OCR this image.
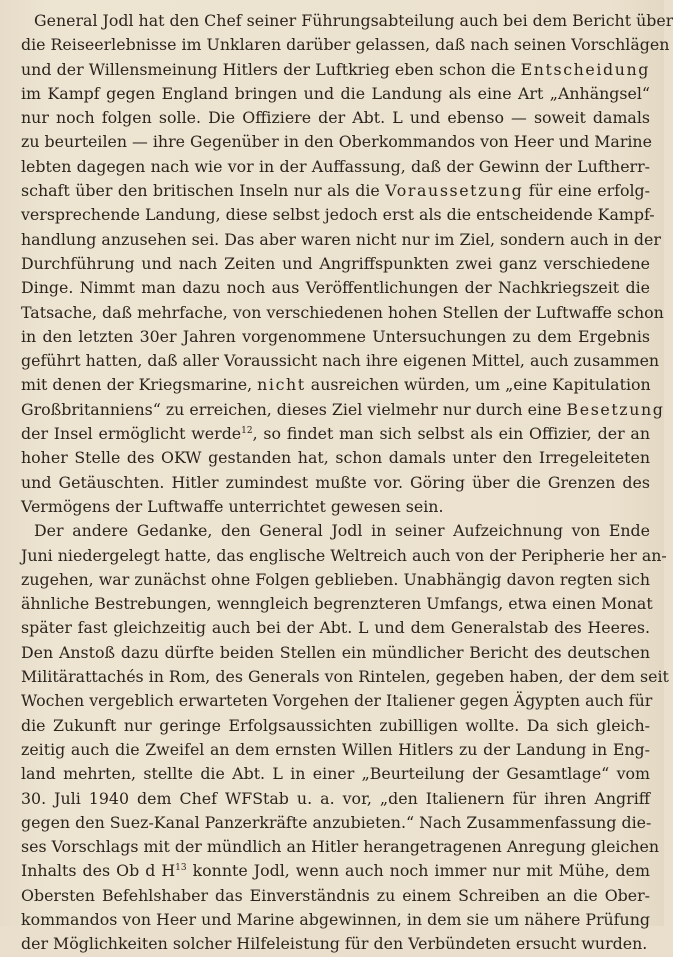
General Jodl hat den Chef seiner Führungsabteilung auch bei dem Bericht über
die Reiseerlebnisse im Unklaren darüber gelassen, daß nach seinen Vorschlägen
und der Willensmeinung Hitlers der Luftkrieg eben schon die Entscheidung
im Kampf gegen England bringen und die Landung als eine Art „Anhängsel“
nur noch folgen solle. Die Offiziere der Abt. L und ebenso — soweit damals
zu beurteilen — ihre Gegenüber in den Oberkommandos von Heer und Marine
lebten dagegen nach wie vor in der Auffassung, daß der Gewinn der Luftherr-
schaft über den britischen Inseln nur als die Voraussetzung für eine erfolg-
versprechende Landung, diese selbst jedoch erst als die entscheidende Kampf-
handlung anzusehen sei. Das aber waren nicht nur im Ziel, sondern auch in der
Durchführung und nach Zeiten und Angriffspunkten zwei ganz verschiedene
Dinge. Nimmt man dazu noch aus Veröffentlichungen der Nachkriegszeit die
Tatsache, daß mehrfache, von verschiedenen hohen Stellen der Luftwaffe schon
in den letzten 30er Jahren vorgenommene Untersuchungen zu dem Ergebnis
geführt hatten, daß aller Voraussicht nach ihre eigenen Mittel, auch zusammen
mit denen der Kriegsmarine, nicht ausreichen würden, um „eine Kapitulation
Großbritanniens“ zu erreichen, dieses Ziel vielmehr nur durch eine Besetzung
der Insel ermöglicht werde$^{12}$, so findet man sich selbst als ein Offizier, der an
hoher Stelle des OKW gestanden hat, schon damals unter den Irregeleiteten
und Getäuschten. Hitler zumindest mußte vor. Göring über die Grenzen des
Vermögens der Luftwaffe unterrichtet gewesen sein.
Der andere Gedanke, den General Jodl in seiner Aufzeichnung von Ende
Juni niedergelegt hatte, das englische Weltreich auch von der Peripherie her an-
zugehen, war zunächst ohne Folgen geblieben. Unabhängig davon regten sich
ähnliche Bestrebungen, wenngleich begrenzteren Umfangs, etwa einen Monat
später fast gleichzeitig auch bei der Abt. L und dem Generalstab des Heeres.
Den Anstoß dazu dürfte beiden Stellen ein mündlicher Bericht des deutschen
Militärattachés in Rom, des Generals von Rintelen, gegeben haben, der dem seit
Wochen vergeblich erwarteten Vorgehen der Italiener gegen Ägypten auch für
die Zukunft nur geringe Erfolgsaussichten zubilligen wollte. Da sich gleich-
zeitig auch die Zweifel an dem ernsten Willen Hitlers zu der Landung in Eng-
land mehrten, stellte die Abt. L in einer „Beurteilung der Gesamtlage“ vom
30. Juli 1940 dem Chef WFStab u. a. vor, „den Italienern für ihren Angriff
gegen den Suez-Kanal Panzerkräfte anzubieten.“ Nach Zusammenfassung die-
ses Vorschlags mit der mündlich an Hitler herangetragenen Anregung gleichen
Inhalts des Ob d $H^{13}$ konnte Jodl, wenn auch noch immer nur mit Mühe, dem
Obersten Befehlshaber das Einverständnis zu einem Schreiben an die Ober-
kommandos von Heer und Marine abgewinnen, in dem sie um nähere Prüfung
der Möglichkeiten solcher Hilfeleistung für den Verbündeten ersucht wurden.
